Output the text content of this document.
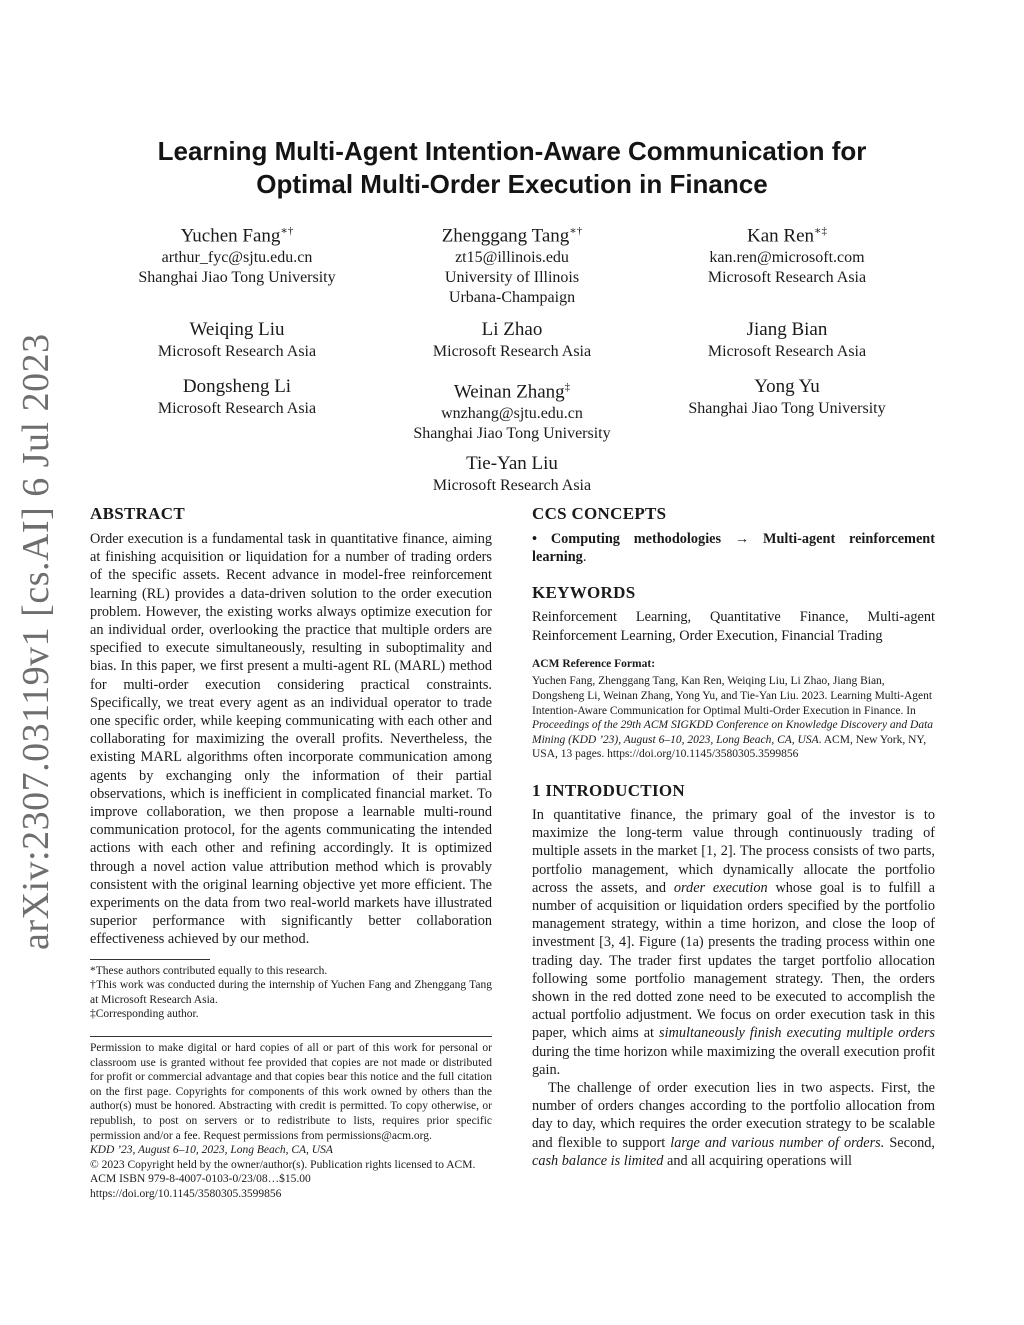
arXiv:2307.03119v1 [cs.AI] 6 Jul 2023
Learning Multi-Agent Intention-Aware Communication for
Optimal Multi-Order Execution in Finance
Yuchen Fang∗†
arthur_fyc@sjtu.edu.cn
Shanghai Jiao Tong University
Zhenggang Tang∗†
zt15@illinois.edu
University of Illinois
Urbana-Champaign
Kan Ren∗‡
kan.ren@microsoft.com
Microsoft Research Asia
Weiqing Liu
Microsoft Research Asia
Li Zhao
Microsoft Research Asia
Jiang Bian
Microsoft Research Asia
Dongsheng Li
Microsoft Research Asia
Weinan Zhang‡
wnzhang@sjtu.edu.cn
Shanghai Jiao Tong University
Yong Yu
Shanghai Jiao Tong University
Tie-Yan Liu
Microsoft Research Asia
ABSTRACT

Order execution is a fundamental task in quantitative finance, aiming at finishing acquisition or liquidation for a number of trading orders of the specific assets. Recent advance in model-free reinforcement learning (RL) provides a data-driven solution to the order execution problem. However, the existing works always optimize execution for an individual order, overlooking the practice that multiple orders are specified to execute simultaneously, resulting in suboptimality and bias. In this paper, we first present a multi-agent RL (MARL) method for multi-order execution considering practical constraints. Specifically, we treat every agent as an individual operator to trade one specific order, while keeping communicating with each other and collaborating for maximizing the overall profits. Nevertheless, the existing MARL algorithms often incorporate communication among agents by exchanging only the information of their partial observations, which is inefficient in complicated financial market. To improve collaboration, we then propose a learnable multi-round communication protocol, for the agents communicating the intended actions with each other and refining accordingly. It is optimized through a novel action value attribution method which is provably consistent with the original learning objective yet more efficient. The experiments on the data from two real-world markets have illustrated superior performance with significantly better collaboration effectiveness achieved by our method.

*These authors contributed equally to this research.

†This work was conducted during the internship of Yuchen Fang and Zhenggang Tang at Microsoft Research Asia.

‡Corresponding author.

Permission to make digital or hard copies of all or part of this work for personal or classroom use is granted without fee provided that copies are not made or distributed for profit or commercial advantage and that copies bear this notice and the full citation on the first page. Copyrights for components of this work owned by others than the author(s) must be honored. Abstracting with credit is permitted. To copy otherwise, or republish, to post on servers or to redistribute to lists, requires prior specific permission and/or a fee. Request permissions from permissions@acm.org.

KDD ’23, August 6–10, 2023, Long Beach, CA, USA

© 2023 Copyright held by the owner/author(s). Publication rights licensed to ACM.

ACM ISBN 979-8-4007-0103-0/23/08…$15.00

https://doi.org/10.1145/3580305.3599856

CCS CONCEPTS

• Computing methodologies → Multi-agent reinforcement learning.

KEYWORDS

Reinforcement Learning, Quantitative Finance, Multi-agent Reinforcement Learning, Order Execution, Financial Trading

ACM Reference Format:

Yuchen Fang, Zhenggang Tang, Kan Ren, Weiqing Liu, Li Zhao, Jiang Bian, Dongsheng Li, Weinan Zhang, Yong Yu, and Tie-Yan Liu. 2023. Learning Multi-Agent Intention-Aware Communication for Optimal Multi-Order Execution in Finance. In Proceedings of the 29th ACM SIGKDD Conference on Knowledge Discovery and Data Mining (KDD ’23), August 6–10, 2023, Long Beach, CA, USA. ACM, New York, NY, USA, 13 pages. https://doi.org/10.1145/3580305.3599856

1 INTRODUCTION

In quantitative finance, the primary goal of the investor is to maximize the long-term value through continuously trading of multiple assets in the market [1, 2]. The process consists of two parts, portfolio management, which dynamically allocate the portfolio across the assets, and order execution whose goal is to fulfill a number of acquisition or liquidation orders specified by the portfolio management strategy, within a time horizon, and close the loop of investment [3, 4]. Figure (1a) presents the trading process within one trading day. The trader first updates the target portfolio allocation following some portfolio management strategy. Then, the orders shown in the red dotted zone need to be executed to accomplish the actual portfolio adjustment. We focus on order execution task in this paper, which aims at simultaneously finish executing multiple orders during the time horizon while maximizing the overall execution profit gain.

The challenge of order execution lies in two aspects. First, the number of orders changes according to the portfolio allocation from day to day, which requires the order execution strategy to be scalable and flexible to support large and various number of orders. Second, cash balance is limited and all acquiring operations will
